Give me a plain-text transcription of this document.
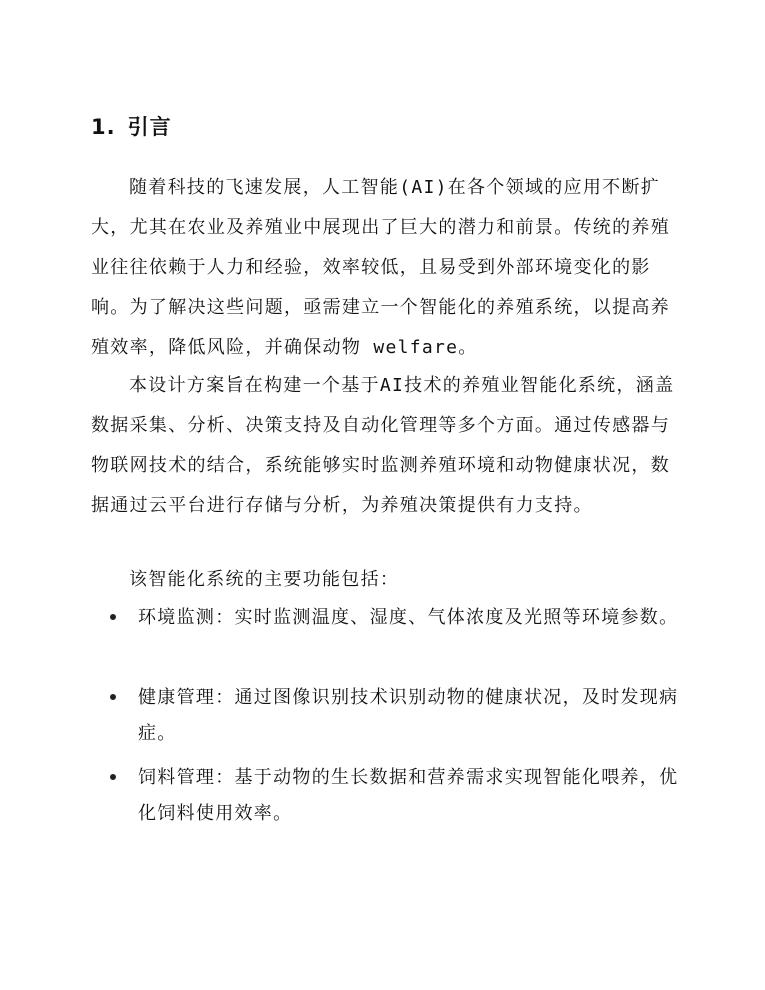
1. 引言

随着科技的飞速发展，人工智能(AI)在各个领域的应用不断扩大，尤其在农业及养殖业中展现出了巨大的潜力和前景。传统的养殖业往往依赖于人力和经验，效率较低，且易受到外部环境变化的影响。为了解决这些问题，亟需建立一个智能化的养殖系统，以提高养殖效率，降低风险，并确保动物 welfare。

本设计方案旨在构建一个基于AI技术的养殖业智能化系统，涵盖数据采集、分析、决策支持及自动化管理等多个方面。通过传感器与物联网技术的结合，系统能够实时监测养殖环境和动物健康状况，数据通过云平台进行存储与分析，为养殖决策提供有力支持。

该智能化系统的主要功能包括：

环境监测：实时监测温度、湿度、气体浓度及光照等环境参数。
健康管理：通过图像识别技术识别动物的健康状况，及时发现病症。
饲料管理：基于动物的生长数据和营养需求实现智能化喂养，优化饲料使用效率。
